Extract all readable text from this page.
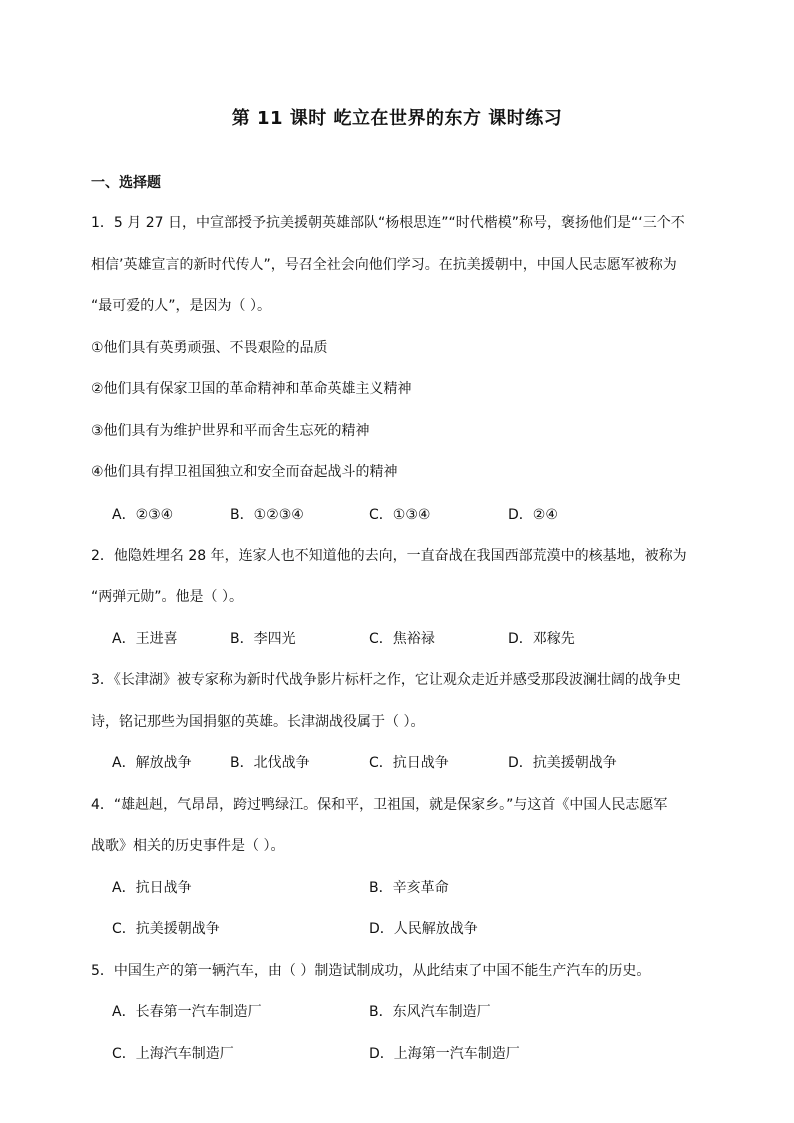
第 11 课时 屹立在世界的东方 课时练习
一、选择题
1．5 月 27 日，中宣部授予抗美援朝英雄部队“杨根思连”“时代楷模”称号，褒扬他们是“‘三个不
相信’英雄宣言的新时代传人”，号召全社会向他们学习。在抗美援朝中，中国人民志愿军被称为
“最可爱的人”，是因为（ ）。
①他们具有英勇顽强、不畏艰险的品质
②他们具有保家卫国的革命精神和革命英雄主义精神
③他们具有为维护世界和平而舍生忘死的精神
④他们具有捍卫祖国独立和安全而奋起战斗的精神
A．②③④	B．①②③④	C．①③④	D．②④
2．他隐姓埋名 28 年，连家人也不知道他的去向，一直奋战在我国西部荒漠中的核基地，被称为
“两弹元勋”。他是（ ）。
A．王进喜	B．李四光	C．焦裕禄	D．邓稼先
3．《长津湖》被专家称为新时代战争影片标杆之作，它让观众走近并感受那段波澜壮阔的战争史
诗，铭记那些为国捐躯的英雄。长津湖战役属于（ ）。
A．解放战争	B．北伐战争	C．抗日战争	D．抗美援朝战争
4．“雄赳赳，气昂昂，跨过鸭绿江。保和平，卫祖国，就是保家乡。”与这首《中国人民志愿军
战歌》相关的历史事件是（ ）。
A．抗日战争	B．辛亥革命
C．抗美援朝战争	D．人民解放战争
5．中国生产的第一辆汽车，由（ ）制造试制成功，从此结束了中国不能生产汽车的历史。
A．长春第一汽车制造厂	B．东风汽车制造厂
C．上海汽车制造厂	D．上海第一汽车制造厂
